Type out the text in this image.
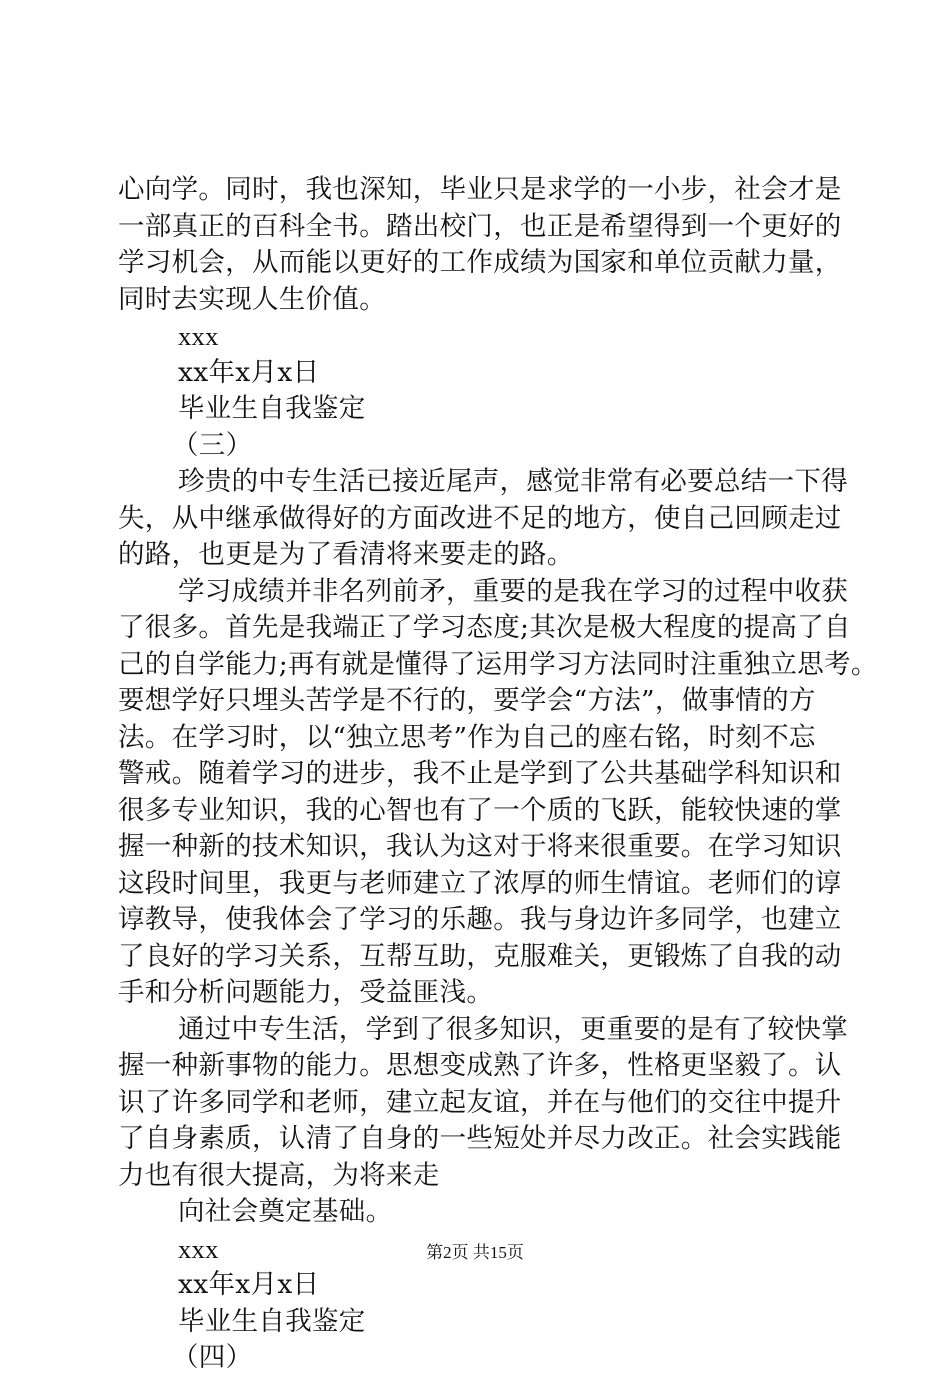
心向学。同时，我也深知，毕业只是求学的一小步，社会才是
一部真正的百科全书。踏出校门，也正是希望得到一个更好的
学习机会，从而能以更好的工作成绩为国家和单位贡献力量，
同时去实现人生价值。
xxx
xx年x月x日
毕业生自我鉴定
（三）
珍贵的中专生活已接近尾声，感觉非常有必要总结一下得
失，从中继承做得好的方面改进不足的地方，使自己回顾走过
的路，也更是为了看清将来要走的路。
学习成绩并非名列前矛，重要的是我在学习的过程中收获
了很多。首先是我端正了学习态度;其次是极大程度的提高了自
己的自学能力;再有就是懂得了运用学习方法同时注重独立思考。
要想学好只埋头苦学是不行的，要学会“方法”，做事情的方
法。在学习时，以“独立思考”作为自己的座右铭，时刻不忘
警戒。随着学习的进步，我不止是学到了公共基础学科知识和
很多专业知识，我的心智也有了一个质的飞跃，能较快速的掌
握一种新的技术知识，我认为这对于将来很重要。在学习知识
这段时间里，我更与老师建立了浓厚的师生情谊。老师们的谆
谆教导，使我体会了学习的乐趣。我与身边许多同学，也建立
了良好的学习关系，互帮互助，克服难关，更锻炼了自我的动
手和分析问题能力，受益匪浅。
通过中专生活，学到了很多知识，更重要的是有了较快掌
握一种新事物的能力。思想变成熟了许多，性格更坚毅了。认
识了许多同学和老师，建立起友谊，并在与他们的交往中提升
了自身素质，认清了自身的一些短处并尽力改正。社会实践能
力也有很大提高，为将来走
向社会奠定基础。
xxx
xx年x月x日
毕业生自我鉴定
（四）
第2页 共15页
